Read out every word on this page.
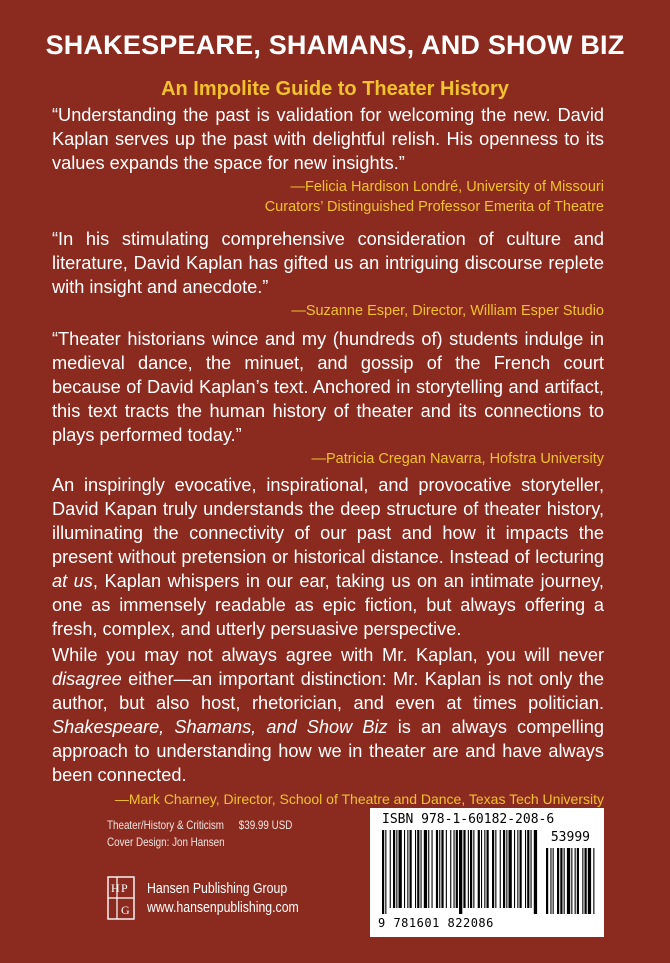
SHAKESPEARE, SHAMANS, AND SHOW BIZ
An Impolite Guide to Theater History
“Understanding the past is validation for welcoming the new. David Kaplan serves up the past with delightful relish. His openness to its values expands the space for new insights.”
—Felicia Hardison Londré, University of Missouri
Curators’ Distinguished Professor Emerita of Theatre
“In his stimulating comprehensive consideration of culture and literature, David Kaplan has gifted us an intriguing discourse replete with insight and anecdote.”
—Suzanne Esper, Director, William Esper Studio
“Theater historians wince and my (hundreds of) students indulge in medieval dance, the minuet, and gossip of the French court because of David Kaplan’s text. Anchored in storytelling and artifact, this text tracts the human history of theater and its connections to plays performed today.”
—Patricia Cregan Navarra, Hofstra University
An inspiringly evocative, inspirational, and provocative storyteller, David Kapan truly understands the deep structure of theater history, illuminating the connectivity of our past and how it impacts the present without pretension or historical distance. Instead of lecturing at us, Kaplan whispers in our ear, taking us on an intimate journey, one as immensely readable as epic fiction, but always offering a fresh, complex, and utterly persuasive perspective.
While you may not always agree with Mr. Kaplan, you will never disagree either—an important distinction: Mr. Kaplan is not only the author, but also host, rhetorician, and even at times politician. Shakespeare, Shamans, and Show Biz is an always compelling approach to understanding how we in theater are and have always been connected.
—Mark Charney, Director, School of Theatre and Dance, Texas Tech University
Theater/History & Criticism $39.99 USD
Cover Design: Jon Hansen
H P
G
Hansen Publishing Group
www.hansenpublishing.com
ISBN 978-1-60182-208-6
53999
9 781601 822086
